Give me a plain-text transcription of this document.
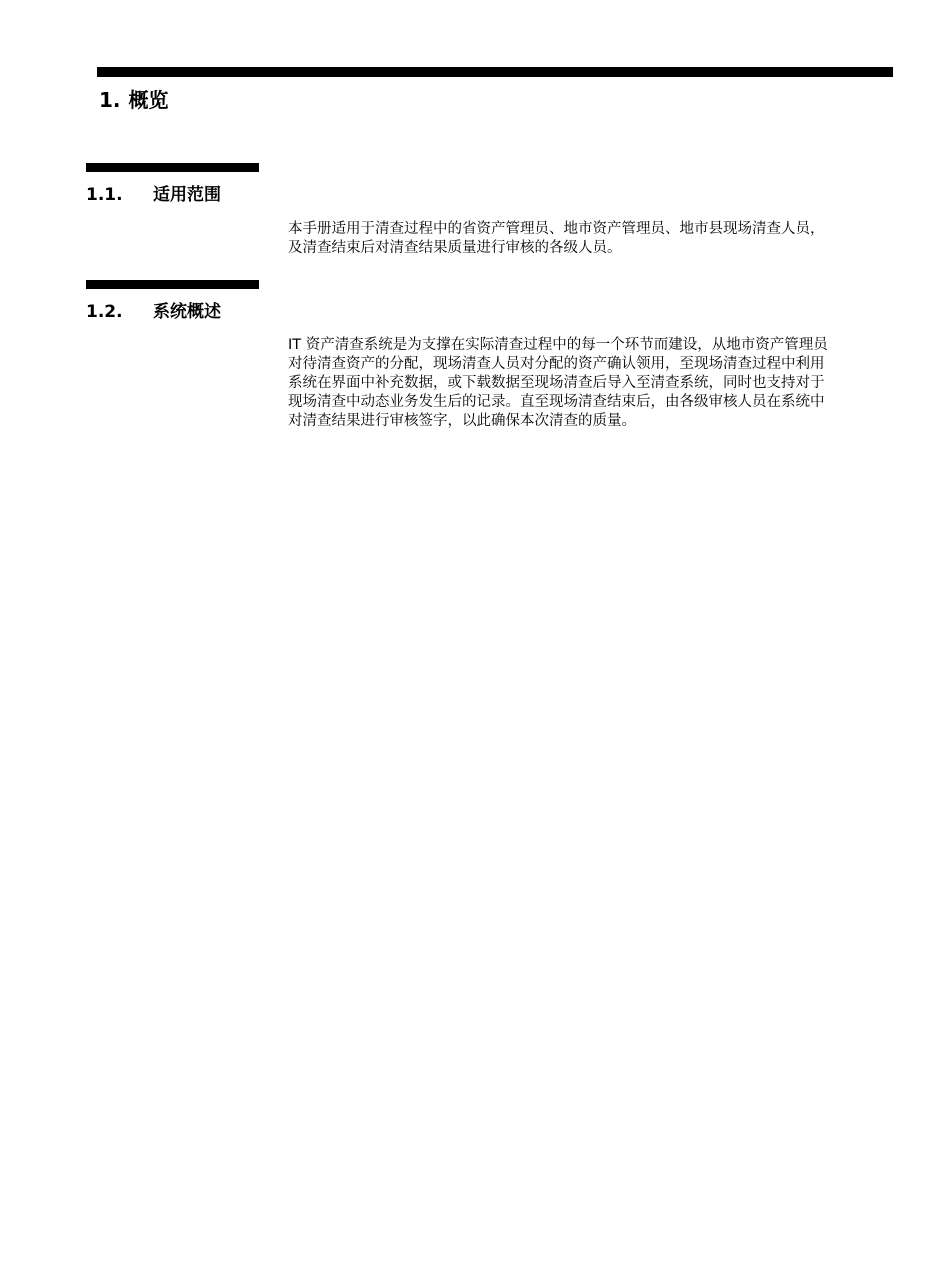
1. 概览
1.1. 适用范围

本手册适用于清查过程中的省资产管理员、地市资产管理员、地市县现场清查人员，
及清查结束后对清查结果质量进行审核的各级人员。

1.2. 系统概述

IT 资产清查系统是为支撑在实际清查过程中的每一个环节而建设，从地市资产管理员
对待清查资产的分配，现场清查人员对分配的资产确认领用，至现场清查过程中利用
系统在界面中补充数据，或下载数据至现场清查后导入至清查系统，同时也支持对于
现场清查中动态业务发生后的记录。直至现场清查结束后，由各级审核人员在系统中
对清查结果进行审核签字，以此确保本次清查的质量。
